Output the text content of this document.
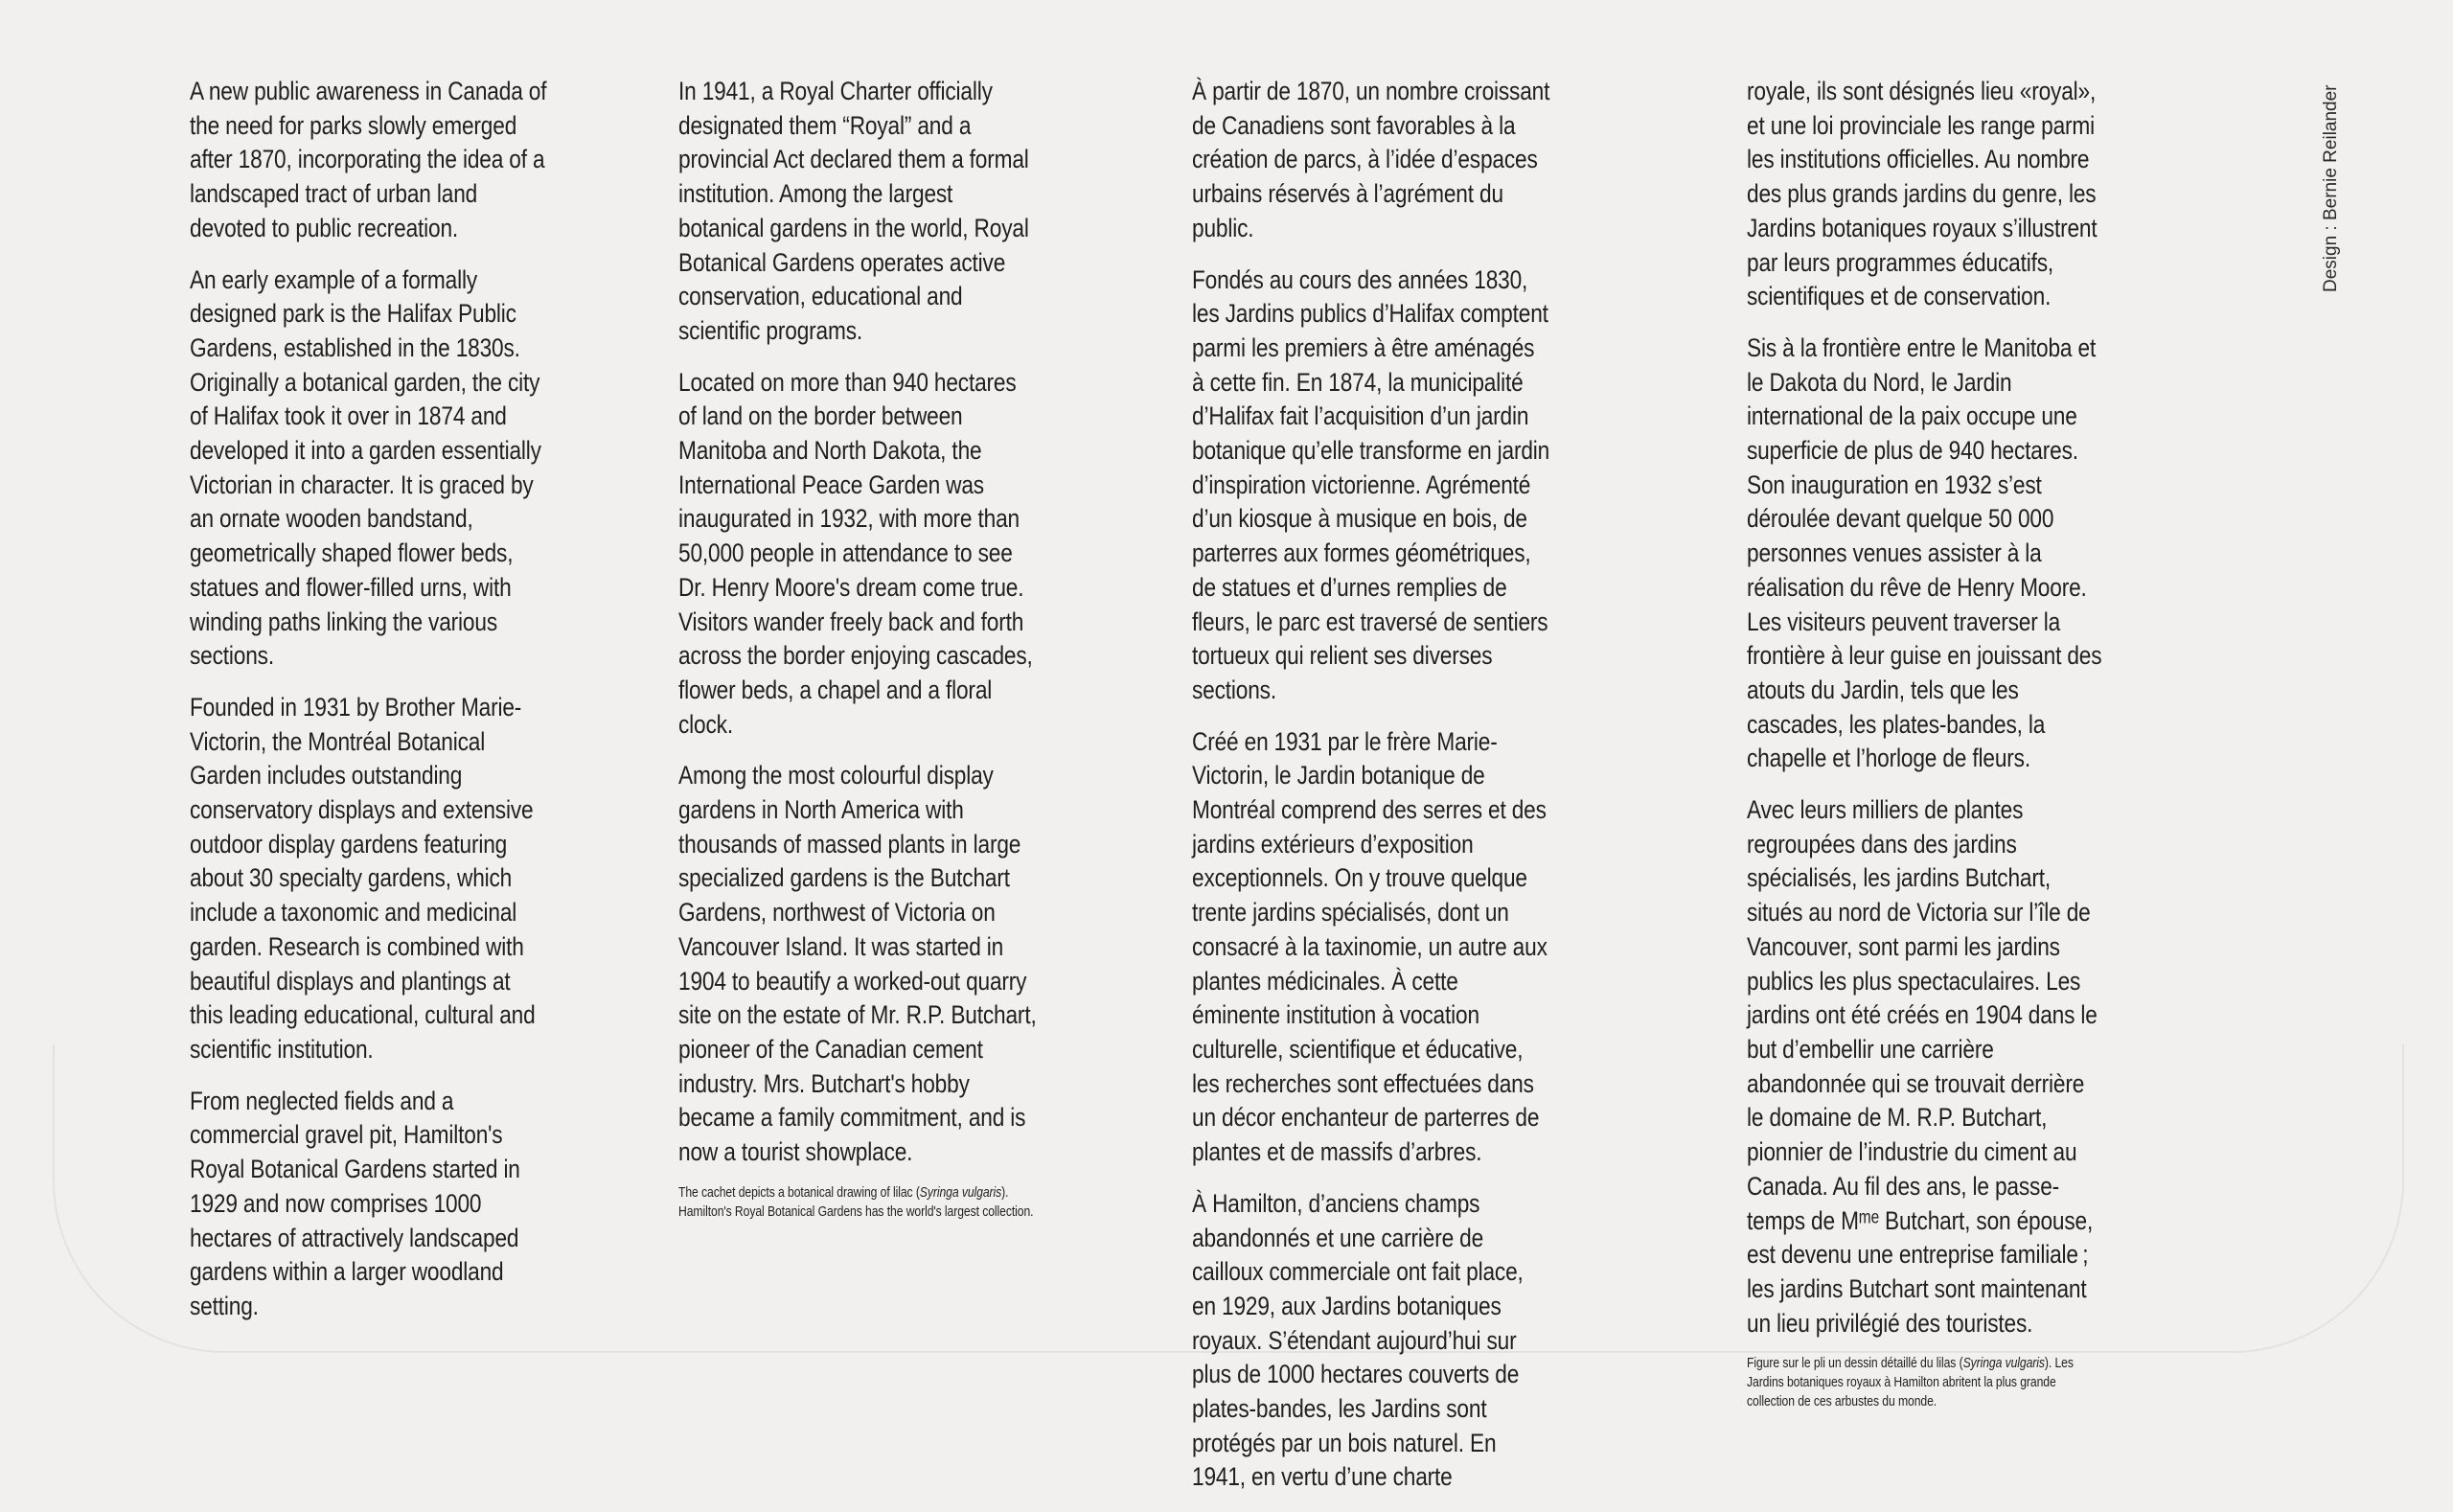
A new public awareness in Canada of the need for parks slowly emerged after 1870, incorporating the idea of a landscaped tract of urban land devoted to public recreation.

An early example of a formally designed park is the Halifax Public Gardens, established in the 1830s. Originally a botanical garden, the city of Halifax took it over in 1874 and developed it into a garden essentially Victorian in character. It is graced by an ornate wooden bandstand, geometrically shaped flower beds, statues and flower-filled urns, with winding paths linking the various sections.

Founded in 1931 by Brother Marie-Victorin, the Montréal Botanical Garden includes outstanding conservatory displays and extensive outdoor display gardens featuring about 30 specialty gardens, which include a taxonomic and medicinal garden. Research is combined with beautiful displays and plantings at this leading educational, cultural and scientific institution.

From neglected fields and a commercial gravel pit, Hamilton's Royal Botanical Gardens started in 1929 and now comprises 1000 hectares of attractively landscaped gardens within a larger woodland setting.

In 1941, a Royal Charter officially designated them “Royal” and a provincial Act declared them a formal institution. Among the largest botanical gardens in the world, Royal Botanical Gardens operates active conservation, educational and scientific programs.

Located on more than 940 hectares of land on the border between Manitoba and North Dakota, the International Peace Garden was inaugurated in 1932, with more than 50,000 people in attendance to see Dr. Henry Moore's dream come true. Visitors wander freely back and forth across the border enjoying cascades, flower beds, a chapel and a floral clock.

Among the most colourful display gardens in North America with thousands of massed plants in large specialized gardens is the Butchart Gardens, northwest of Victoria on Vancouver Island. It was started in 1904 to beautify a worked-out quarry site on the estate of Mr. R.P. Butchart, pioneer of the Canadian cement industry. Mrs. Butchart's hobby became a family commitment, and is now a tourist showplace.

The cachet depicts a botanical drawing of lilac (Syringa vulgaris). Hamilton's Royal Botanical Gardens has the world's largest collection.

À partir de 1870, un nombre croissant de Canadiens sont favorables à la création de parcs, à l’idée d’espaces urbains réservés à l’agrément du public.

Fondés au cours des années 1830, les Jardins publics d’Halifax comptent parmi les premiers à être aménagés à cette fin. En 1874, la municipalité d’Halifax fait l’acquisition d’un jardin botanique qu’elle transforme en jardin d’inspiration victorienne. Agrémenté d’un kiosque à musique en bois, de parterres aux formes géométriques, de statues et d’urnes remplies de fleurs, le parc est traversé de sentiers tortueux qui relient ses diverses sections.

Créé en 1931 par le frère Marie-Victorin, le Jardin botanique de Montréal comprend des serres et des jardins extérieurs d’exposition exceptionnels. On y trouve quelque trente jardins spécialisés, dont un consacré à la taxinomie, un autre aux plantes médicinales. À cette éminente institution à vocation culturelle, scientifique et éducative, les recherches sont effectuées dans un décor enchanteur de parterres de plantes et de massifs d’arbres.

À Hamilton, d’anciens champs abandonnés et une carrière de cailloux commerciale ont fait place, en 1929, aux Jardins botaniques royaux. S’étendant aujourd’hui sur plus de 1000 hectares couverts de plates-bandes, les Jardins sont protégés par un bois naturel. En 1941, en vertu d’une charte

royale, ils sont désignés lieu «royal», et une loi provinciale les range parmi les institutions officielles. Au nombre des plus grands jardins du genre, les Jardins botaniques royaux s’illustrent par leurs programmes éducatifs, scientifiques et de conservation.

Sis à la frontière entre le Manitoba et le Dakota du Nord, le Jardin international de la paix occupe une superficie de plus de 940 hectares. Son inauguration en 1932 s’est déroulée devant quelque 50 000 personnes venues assister à la réalisation du rêve de Henry Moore. Les visiteurs peuvent traverser la frontière à leur guise en jouissant des atouts du Jardin, tels que les cascades, les plates-bandes, la chapelle et l’horloge de fleurs.

Avec leurs milliers de plantes regroupées dans des jardins spécialisés, les jardins Butchart, situés au nord de Victoria sur l’île de Vancouver, sont parmi les jardins publics les plus spectaculaires. Les jardins ont été créés en 1904 dans le but d’embellir une carrière abandonnée qui se trouvait derrière le domaine de M. R.P. Butchart, pionnier de l’industrie du ciment au Canada. Au fil des ans, le passe-temps de Mᵐᵉ Butchart, son épouse, est devenu une entreprise familiale ; les jardins Butchart sont maintenant un lieu privilégié des touristes.

Figure sur le pli un dessin détaillé du lilas (Syringa vulgaris). Les Jardins botaniques royaux à Hamilton abritent la plus grande collection de ces arbustes du monde.

Design : Bernie Reilander
